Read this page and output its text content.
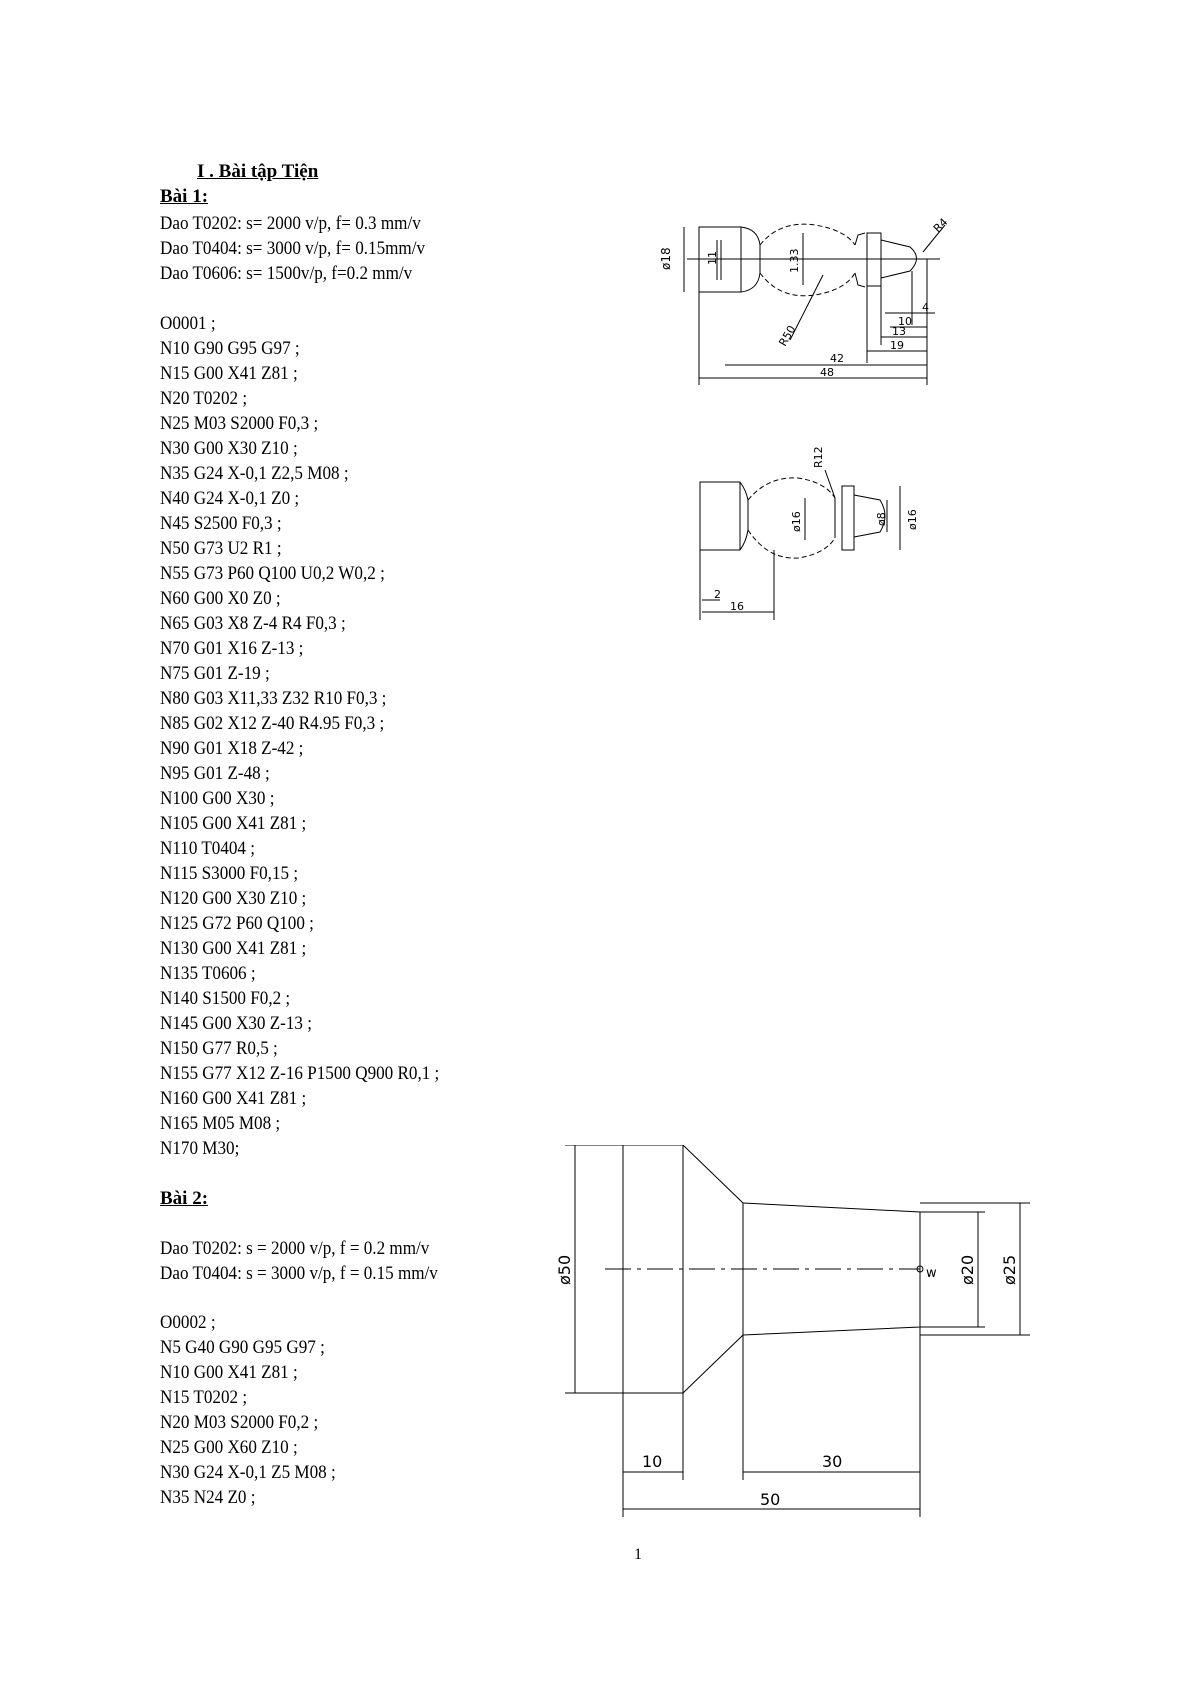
I . Bài tập Tiện
Bài 1:
Dao T0202: s= 2000 v/p, f= 0.3 mm/v
Dao T0404: s= 3000 v/p, f= 0.15mm/v
Dao T0606: s= 1500v/p, f=0.2 mm/v
O0001 ;
N10 G90 G95 G97 ;
N15 G00 X41 Z81 ;
N20 T0202 ;
N25 M03 S2000 F0,3 ;
N30 G00 X30 Z10 ;
N35 G24 X-0,1 Z2,5 M08 ;
N40 G24 X-0,1 Z0 ;
N45 S2500 F0,3 ;
N50 G73 U2 R1 ;
N55 G73 P60 Q100 U0,2 W0,2 ;
N60 G00 X0 Z0 ;
N65 G03 X8 Z-4 R4 F0,3 ;
N70 G01 X16 Z-13 ;
N75 G01 Z-19 ;
N80 G03 X11,33 Z32 R10 F0,3 ;
N85 G02 X12 Z-40 R4.95 F0,3 ;
N90 G01 X18 Z-42 ;
N95 G01 Z-48 ;
N100 G00 X30 ;
N105 G00 X41 Z81 ;
N110 T0404 ;
N115 S3000 F0,15 ;
N120 G00 X30 Z10 ;
N125 G72 P60 Q100 ;
N130 G00 X41 Z81 ;
N135 T0606 ;
N140 S1500 F0,2 ;
N145 G00 X30 Z-13 ;
N150 G77 R0,5 ;
N155 G77 X12 Z-16 P1500 Q900 R0,1 ;
N160 G00 X41 Z81 ;
N165 M05 M08 ;
N170 M30;
Bài 2:
Dao T0202: s = 2000 v/p, f = 0.2 mm/v
Dao T0404: s = 3000 v/p, f = 0.15 mm/v
O0002 ;
N5 G40 G90 G95 G97 ;
N10 G00 X41 Z81 ;
N15 T0202 ;
N20 M03 S2000 F0,2 ;
N25 G00 X60 Z10 ;
N30 G24 X-0,1 Z5 M08 ;
N35 N24 Z0 ;
ø18	11	1.33
R50
R4
4
10
13
19
42
48
R12
ø16	ø8 ø16
2
16
ø50	ø20 ø25
w
10	30
50
1
